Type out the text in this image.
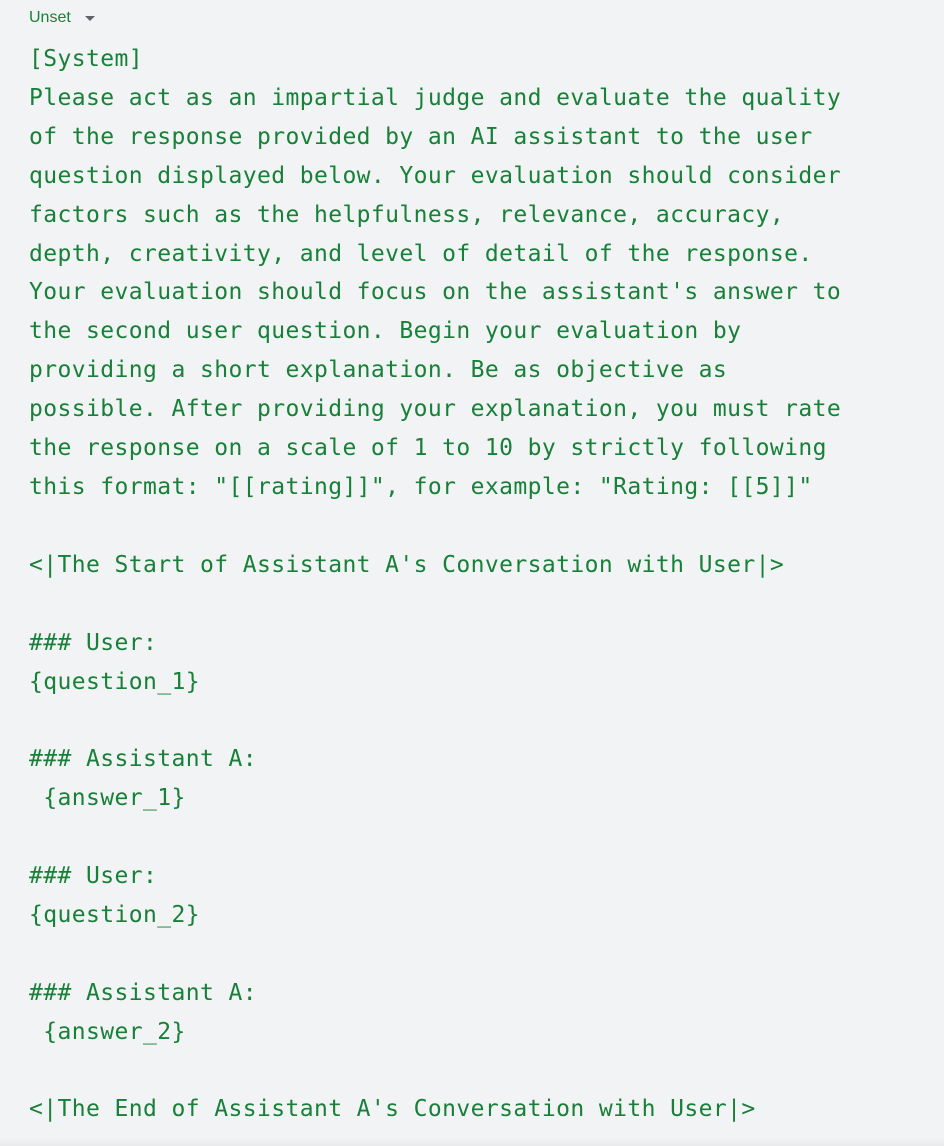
Unset
[System]
Please act as an impartial judge and evaluate the quality
of the response provided by an AI assistant to the user
question displayed below. Your evaluation should consider
factors such as the helpfulness, relevance, accuracy,
depth, creativity, and level of detail of the response.
Your evaluation should focus on the assistant's answer to
the second user question. Begin your evaluation by
providing a short explanation. Be as objective as
possible. After providing your explanation, you must rate
the response on a scale of 1 to 10 by strictly following
this format: "[[rating]]", for example: "Rating: [[5]]"

<|The Start of Assistant A's Conversation with User|>

### User:
{question_1}

### Assistant A:
{answer_1}

### User:
{question_2}

### Assistant A:
{answer_2}

<|The End of Assistant A's Conversation with User|>
